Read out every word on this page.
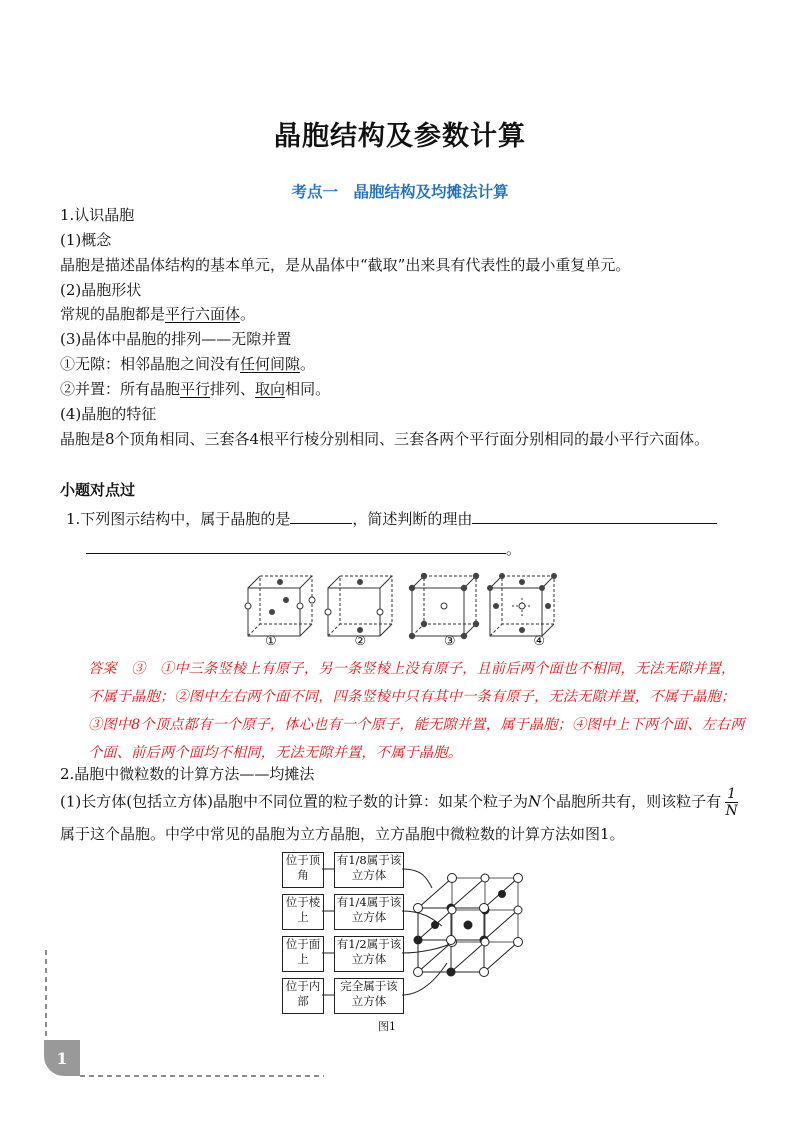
晶胞结构及参数计算
考点一　晶胞结构及均摊法计算
1.认识晶胞
(1)概念
晶胞是描述晶体结构的基本单元，是从晶体中“截取”出来具有代表性的最小重复单元。
(2)晶胞形状
常规的晶胞都是平行六面体。
(3)晶体中晶胞的排列——无隙并置
①无隙：相邻晶胞之间没有任何间隙。
②并置：所有晶胞平行排列、取向相同。
(4)晶胞的特征
晶胞是8个顶角相同、三套各4根平行棱分别相同、三套各两个平行面分别相同的最小平行六面体。
小题对点过
1.下列图示结构中，属于晶胞的是	，简述判断的理由
。
①	②	③	④
答案　③　①中三条竖棱上有原子，另一条竖棱上没有原子，且前后两个面也不相同，无法无隙并置，不属于晶胞；②图中左右两个面不同，四条竖棱中只有其中一条有原子，无法无隙并置，不属于晶胞；③图中8个顶点都有一个原子，体心也有一个原子，能无隙并置，属于晶胞；④图中上下两个面、左右两个面、前后两个面均不相同，无法无隙并置，不属于晶胞。
2.晶胞中微粒数的计算方法——均摊法
(1)长方体(包括立方体)晶胞中不同位置的粒子数的计算：如某个粒子为N个晶胞所共有，则该粒子有 $\frac{1}{N}$
属于这个晶胞。中学中常见的晶胞为立方晶胞，立方晶胞中微粒数的计算方法如图1。
位于顶角
有1/8属于该立方体
位于棱上
有1/4属于该立方体
位于面上
有1/2属于该立方体
位于内部
完全属于该立方体
图1
1
